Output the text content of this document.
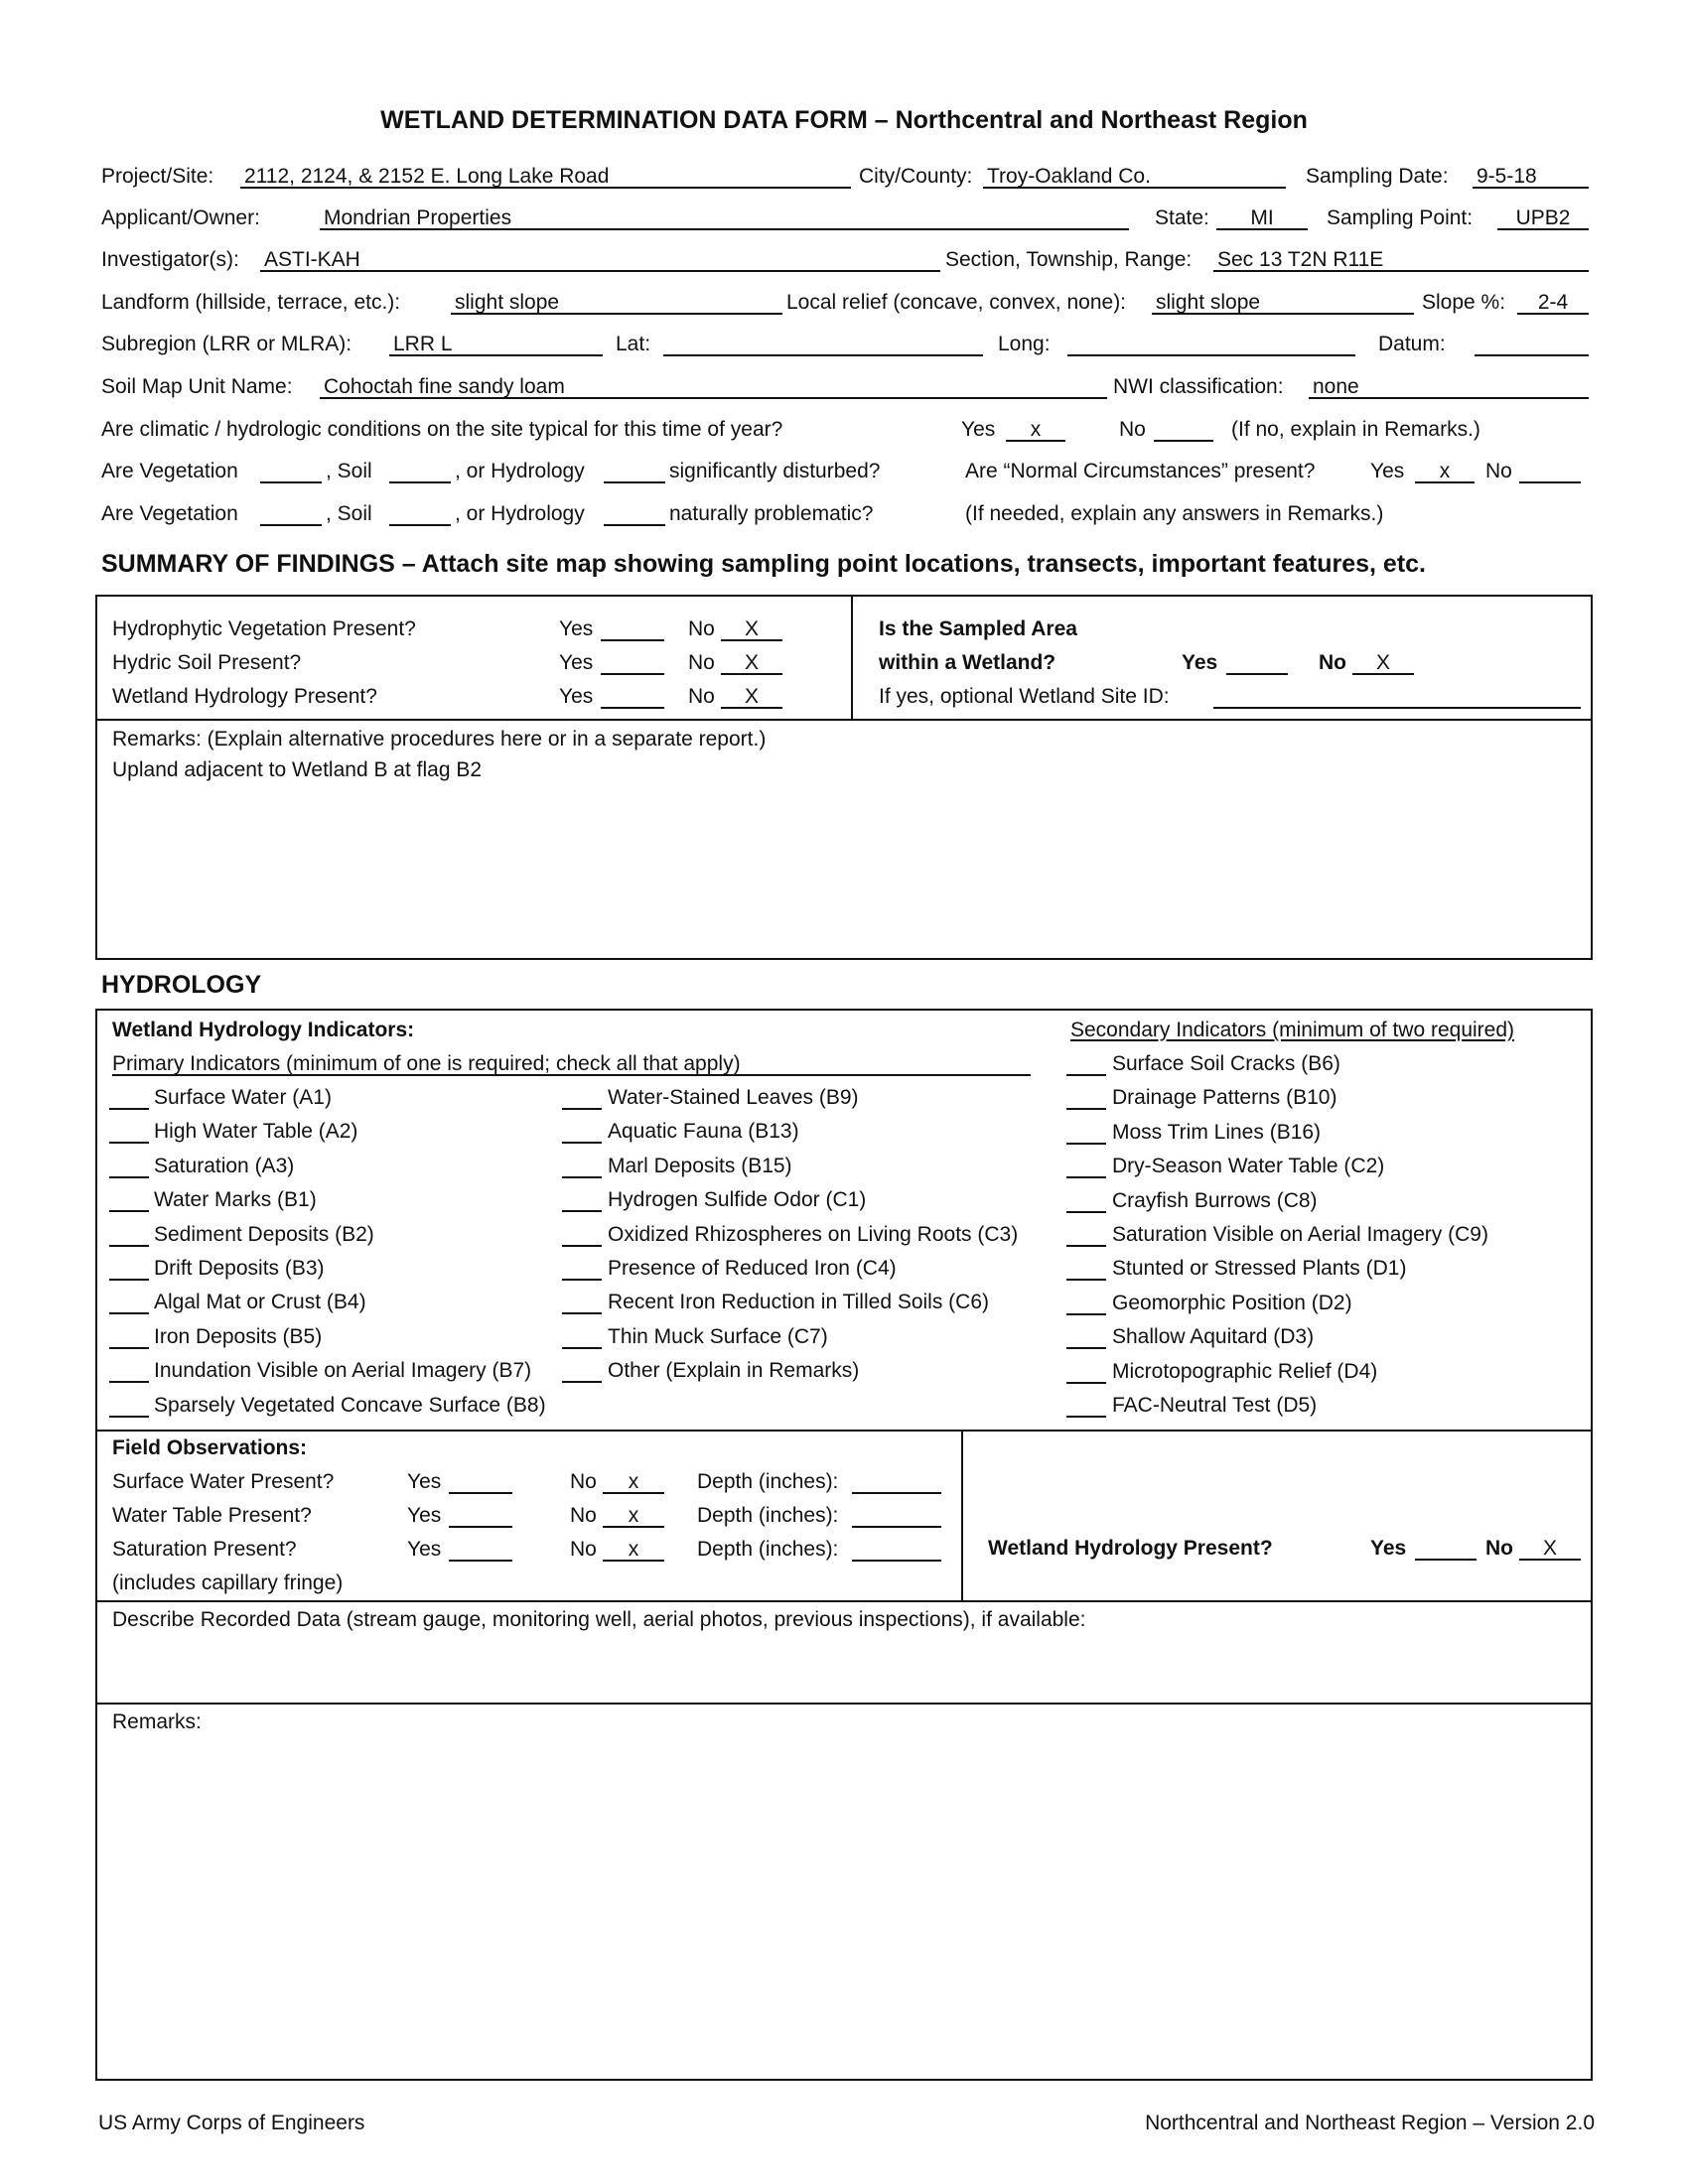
WETLAND DETERMINATION DATA FORM – Northcentral and Northeast Region
Project/Site: 2112, 2124, & 2152 E. Long Lake Road	City/County: Troy-Oakland Co.	Sampling Date: 9-5-18
Applicant/Owner:	Mondrian Properties	State:	MI	Sampling Point:	UPB2
Investigator(s): ASTI-KAH	Section, Township, Range: Sec 13 T2N R11E
Landform (hillside, terrace, etc.):	slight slope	Local relief (concave, convex, none): slight slope	Slope %:	2-4
Subregion (LRR or MLRA): LRR L	Lat:	Long:	Datum:
Soil Map Unit Name: Cohoctah fine sandy loam	NWI classification: none
Are climatic / hydrologic conditions on the site typical for this time of year?	Yes	x	No	(If no, explain in Remarks.)
Are Vegetation	, Soil	, or Hydrology	significantly disturbed?	Are “Normal Circumstances” present?	Yes	x	No
Are Vegetation	, Soil	, or Hydrology	naturally problematic?	(If needed, explain any answers in Remarks.)
SUMMARY OF FINDINGS – Attach site map showing sampling point locations, transects, important features, etc.
Hydrophytic Vegetation Present?	Yes	No	X
Hydric Soil Present?	Yes	No	X
Wetland Hydrology Present?	Yes	No	X
Is the Sampled Area
within a Wetland?	Yes	No	X
If yes, optional Wetland Site ID:
Remarks: (Explain alternative procedures here or in a separate report.)
Upland adjacent to Wetland B at flag B2
HYDROLOGY
Wetland Hydrology Indicators:	Secondary Indicators (minimum of two required)
Primary Indicators (minimum of one is required; check all that apply)
Surface Water (A1)
High Water Table (A2)
Saturation (A3)
Water Marks (B1)
Sediment Deposits (B2)
Drift Deposits (B3)
Algal Mat or Crust (B4)
Iron Deposits (B5)
Inundation Visible on Aerial Imagery (B7)
Sparsely Vegetated Concave Surface (B8)
Water-Stained Leaves (B9)
Aquatic Fauna (B13)
Marl Deposits (B15)
Hydrogen Sulfide Odor (C1)
Oxidized Rhizospheres on Living Roots (C3)
Presence of Reduced Iron (C4)
Recent Iron Reduction in Tilled Soils (C6)
Thin Muck Surface (C7)
Other (Explain in Remarks)
Surface Soil Cracks (B6)
Drainage Patterns (B10)
Moss Trim Lines (B16)
Dry-Season Water Table (C2)
Crayfish Burrows (C8)
Saturation Visible on Aerial Imagery (C9)
Stunted or Stressed Plants (D1)
Geomorphic Position (D2)
Shallow Aquitard (D3)
Microtopographic Relief (D4)
FAC-Neutral Test (D5)
Field Observations:
Surface Water Present?	Yes	No	x	Depth (inches):
Water Table Present?	Yes	No	x	Depth (inches):
Saturation Present?	Yes	No	x	Depth (inches):
(includes capillary fringe)
Wetland Hydrology Present?	Yes	No	X
Describe Recorded Data (stream gauge, monitoring well, aerial photos, previous inspections), if available:
Remarks:
US Army Corps of Engineers	Northcentral and Northeast Region – Version 2.0
